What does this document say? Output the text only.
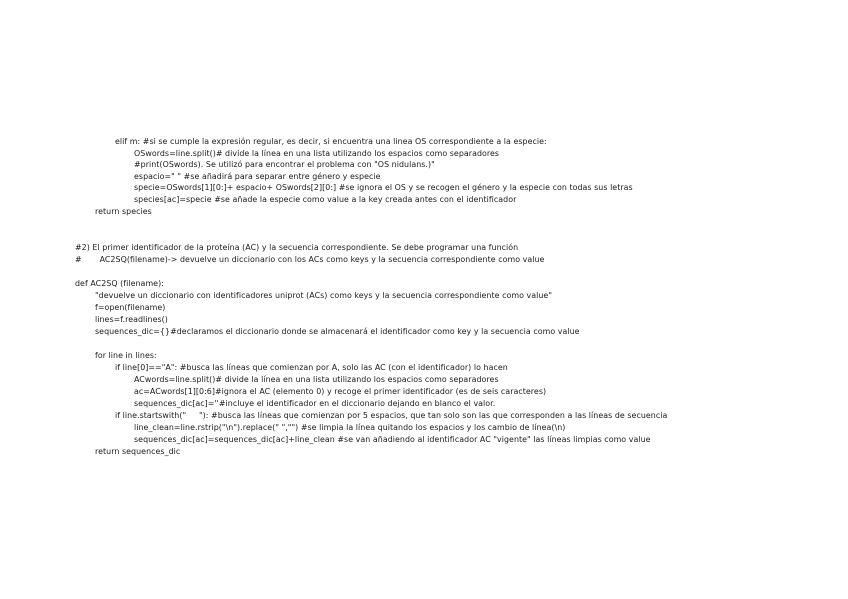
elif m: #si se cumple la expresión regular, es decir, si encuentra una linea OS correspondiente a la especie:
OSwords=line.split()# divide la línea en una lista utilizando los espacios como separadores
#print(OSwords). Se utilizó para encontrar el problema con "OS nidulans.)"
espacio=" " #se añadirá para separar entre género y especie
specie=OSwords[1][0:]+ espacio+ OSwords[2][0:] #se ignora el OS y se recogen el género y la especie con todas sus letras
species[ac]=specie #se añade la especie como value a la key creada antes con el identificador
return species
#2) El primer identificador de la proteína (AC) y la secuencia correspondiente. Se debe programar una función
#       AC2SQ(filename)-> devuelve un diccionario con los ACs como keys y la secuencia correspondiente como value
def AC2SQ (filename):
"devuelve un diccionario con identificadores uniprot (ACs) como keys y la secuencia correspondiente como value"
f=open(filename)
lines=f.readlines()
sequences_dic={}#declaramos el diccionario donde se almacenará el identificador como key y la secuencia como value
for line in lines:
if line[0]=="A": #busca las líneas que comienzan por A, solo las AC (con el identificador) lo hacen
ACwords=line.split()# divide la línea en una lista utilizando los espacios como separadores
ac=ACwords[1][0:6]#ignora el AC (elemento 0) y recoge el primer identificador (es de seis caracteres)
sequences_dic[ac]=''#incluye el identificador en el diccionario dejando en blanco el valor.
if line.startswith("     "): #busca las líneas que comienzan por 5 espacios, que tan solo son las que corresponden a las líneas de secuencia
line_clean=line.rstrip("\n").replace(" ","") #se limpia la línea quitando los espacios y los cambio de línea(\n)
sequences_dic[ac]=sequences_dic[ac]+line_clean #se van añadiendo al identificador AC "vigente" las líneas limpias como value
return sequences_dic
